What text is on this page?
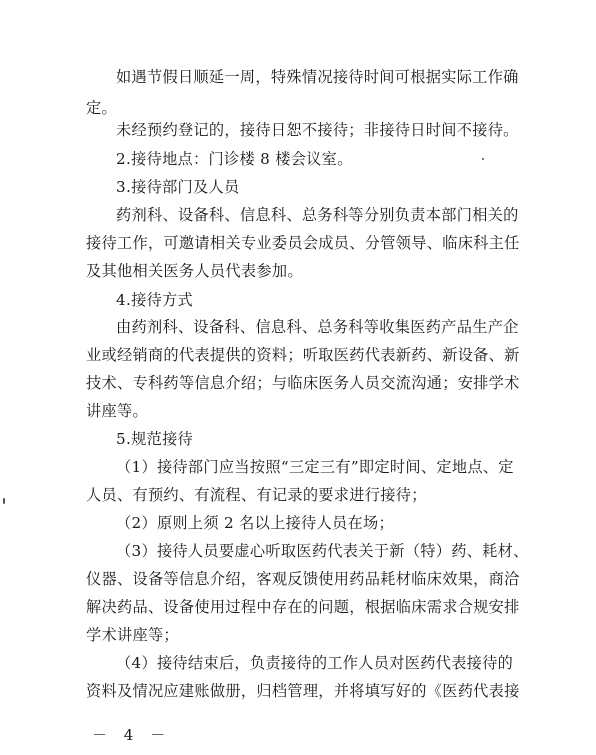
如遇节假日顺延一周，特殊情况接待时间可根据实际工作确
定。
未经预约登记的，接待日恕不接待；非接待日时间不接待。
2.接待地点：门诊楼 8 楼会议室。
3.接待部门及人员
药剂科、设备科、信息科、总务科等分别负责本部门相关的
接待工作，可邀请相关专业委员会成员、分管领导、临床科主任
及其他相关医务人员代表参加。
4.接待方式
由药剂科、设备科、信息科、总务科等收集医药产品生产企
业或经销商的代表提供的资料；听取医药代表新药、新设备、新
技术、专科药等信息介绍；与临床医务人员交流沟通；安排学术
讲座等。
5.规范接待
（1）接待部门应当按照“三定三有”即定时间、定地点、定
人员、有预约、有流程、有记录的要求进行接待；
（2）原则上须 2 名以上接待人员在场；
（3）接待人员要虚心听取医药代表关于新（特）药、耗材、
仪器、设备等信息介绍，客观反馈使用药品耗材临床效果，商洽
解决药品、设备使用过程中存在的问题，根据临床需求合规安排
学术讲座等；
（4）接待结束后，负责接待的工作人员对医药代表接待的
资料及情况应建账做册，归档管理，并将填写好的《医药代表接
－ 4 －
